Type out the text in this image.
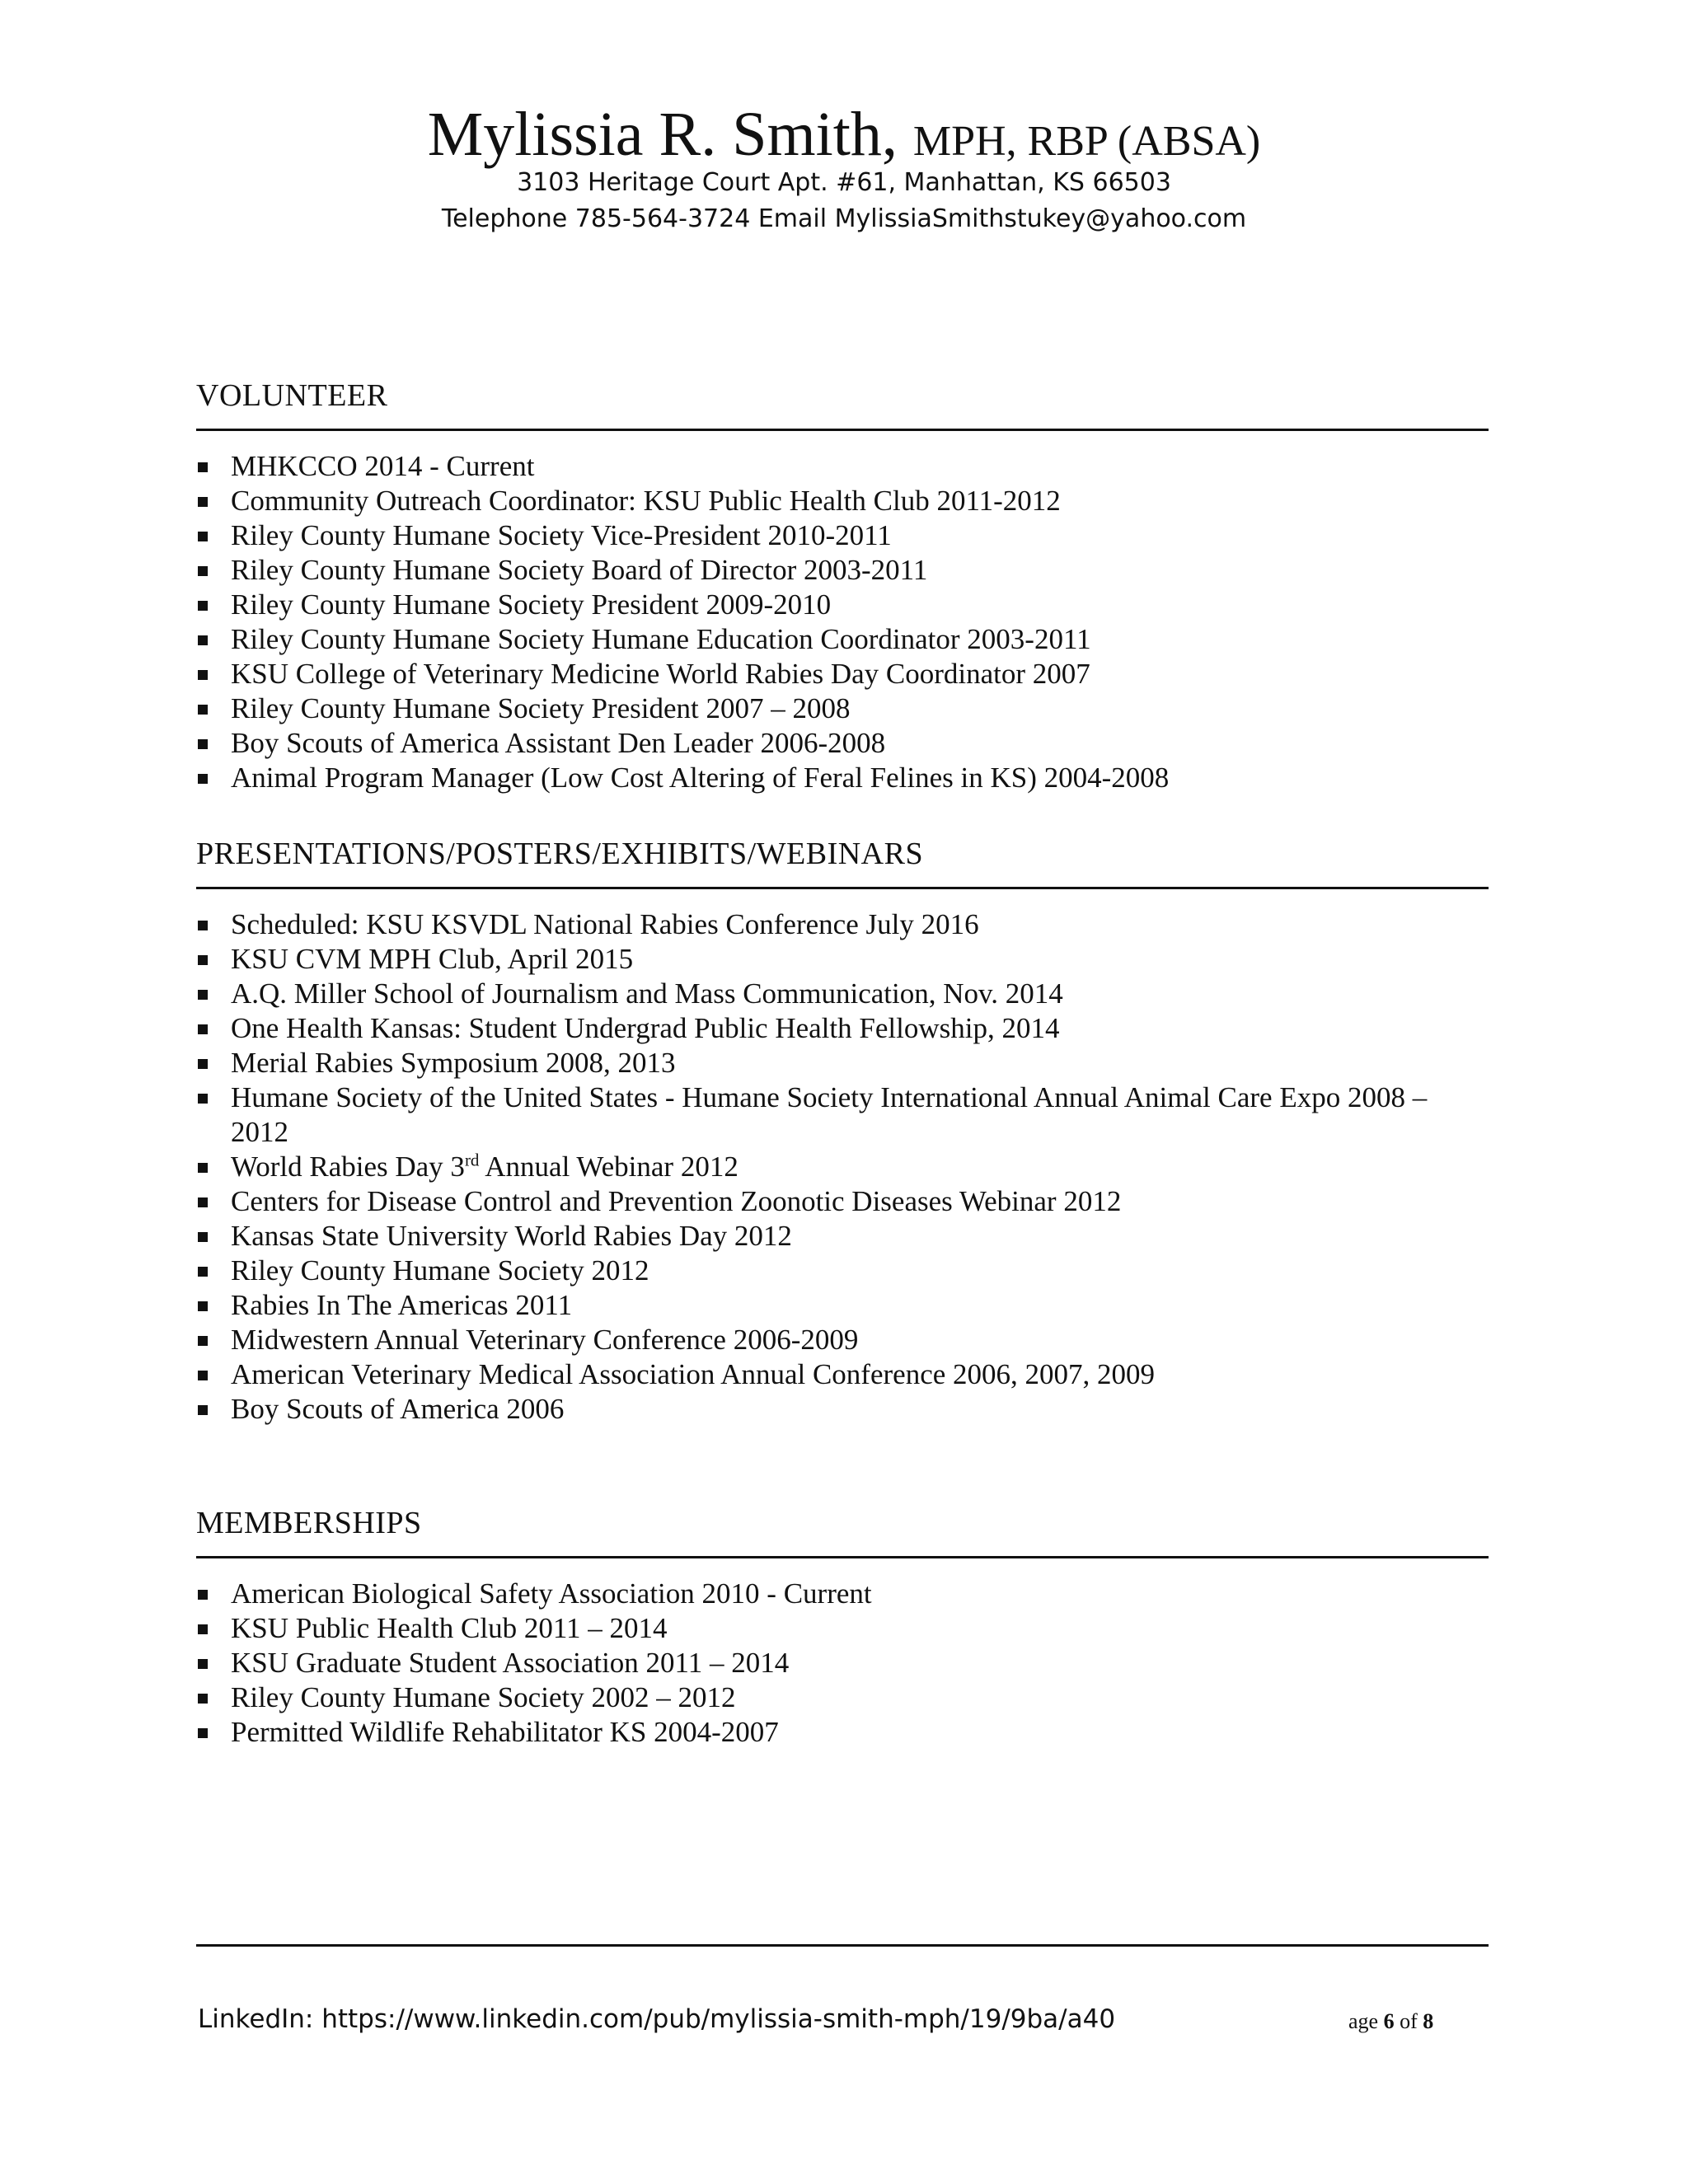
Mylissia R. Smith, MPH, RBP (ABSA)
3103 Heritage Court Apt. #61, Manhattan, KS 66503
Telephone 785-564-3724 Email MylissiaSmithstukey@yahoo.com
VOLUNTEER
MHKCCO 2014 - Current
Community Outreach Coordinator: KSU Public Health Club 2011-2012
Riley County Humane Society Vice-President 2010-2011
Riley County Humane Society Board of Director 2003-2011
Riley County Humane Society President 2009-2010
Riley County Humane Society Humane Education Coordinator 2003-2011
KSU College of Veterinary Medicine World Rabies Day Coordinator 2007
Riley County Humane Society President 2007 – 2008
Boy Scouts of America Assistant Den Leader 2006-2008
Animal Program Manager (Low Cost Altering of Feral Felines in KS) 2004-2008
PRESENTATIONS/POSTERS/EXHIBITS/WEBINARS
Scheduled: KSU KSVDL National Rabies Conference July 2016
KSU CVM MPH Club, April 2015
A.Q. Miller School of Journalism and Mass Communication, Nov. 2014
One Health Kansas: Student Undergrad Public Health Fellowship, 2014
Merial Rabies Symposium 2008, 2013
Humane Society of the United States - Humane Society International Annual Animal Care Expo 2008 – 2012
World Rabies Day 3rd Annual Webinar 2012
Centers for Disease Control and Prevention Zoonotic Diseases Webinar 2012
Kansas State University World Rabies Day 2012
Riley County Humane Society 2012
Rabies In The Americas 2011
Midwestern Annual Veterinary Conference 2006-2009
American Veterinary Medical Association Annual Conference 2006, 2007, 2009
Boy Scouts of America 2006
MEMBERSHIPS
American Biological Safety Association 2010 - Current
KSU Public Health Club 2011 – 2014
KSU Graduate Student Association 2011 – 2014
Riley County Humane Society 2002 – 2012
Permitted Wildlife Rehabilitator KS 2004-2007
LinkedIn: https://www.linkedin.com/pub/mylissia-smith-mph/19/9ba/a40	age 6 of 8
